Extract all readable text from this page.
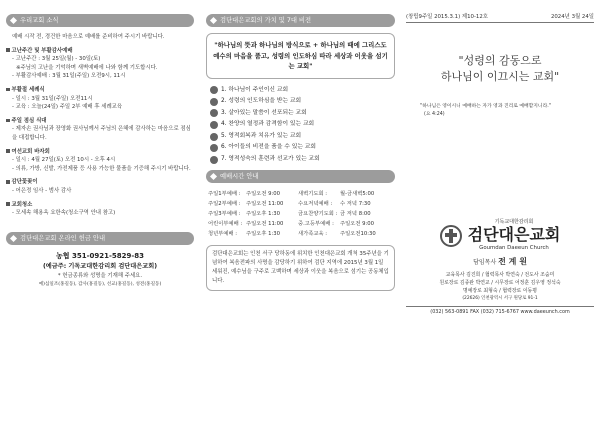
우리교회 소식
예배 시작 전, 경건한 마음으로 예배를 준비하여 주시기 바랍니다.
고난주간 및 부활감사예배
- 고난주간 : 3월 25일(월) - 30일(토)
※주님의 고난을 기억하며 새벽예배에 나와 함께 기도합시다.
- 부활감사예배 : 3월 31일(주일) 오전9시, 11시
부활절 세례식
- 일시 : 3월 31일(주일) 오전11시
- 교육 : 오늘(24일) 주일 2부 예배 후 세례교육
주일 점심 식대
- 제자손 권사님과 장영화 권사님께서 주님의 은혜에 감사하는 마음으로 점심을 대접합니다.
여선교회 바자회
- 일시 : 4월 27일(토) 오전 10시 - 오후 4시
- 의류, 가방, 신발, 가전제품 등 사용 가능한 물품을 기증해 주시기 바랍니다.
감단꽃꽂이
- 어은정 임사 - 범사 감사
교회청소
- 모세속 해용옥 요한속(청소구역 안내 참고)
검단대은교회 온라인 헌금 안내
농협 351-0921-5829-83
(예금주: 기독교대한감리회 검단대은교회)
* 헌금종류와 성명을 기재해 주세요.
예)십일조(홍길동), 감사(홍길동), 선교(홍길동), 성전(홍길동)
검단대은교회의 가치 및 7대 비전
"하나님의 뜻과 하나님의 방식으로 + 하나님의 때에 그리스도 예수의 마음을 품고, 성령의 인도하심 따라 세상과 이웃을 섬기는 교회"
1. 하나님이 주인이신 교회
2. 성령의 인도하심을 받는 교회
3. 살아있는 말씀이 선포되는 교회
4. 찬양의 열정과 감격함이 있는 교회
5. 영적회복과 치유가 있는 교회
6. 아이들의 비전을 품을 수 있는 교회
7. 영적성숙의 훈련과 선교가 있는 교회
예배시간 안내
주일1부예배 :	주일오전 9:00	새벽기도회 :	월-금새벽5:00
주일2부예배 :	주일오전 11:00	수요저녁예배 :	수 저녁 7:30
주일3부예배 :	주일오후 1:30	금요찬양기도회 : 금 저녁 8:00
어린이부예배 : 주일오전 11:00	중.고등부예배 :	주일오전 9:00
청년부예배 :	주일오후 1:30	새가족교육 :	주일오전10:30
검단대은교회는 인천 서구 당하동에 위치한 인천대은교회 개척 35주년을 기념하여 복음전파의 사명을 감당하기 위하여 검단 지역에 2015년 3월 1일 세워진, 예수님을 구주로 고백하며 세상과 이웃을 복음으로 섬기는 공동체입니다.
(창립9주일 2015.3.1) 제10-12호	2024년 3월 24일
"성령의 감동으로
하나님이 이끄시는 교회"
"하나님은 영이시니 예배하는 자가 영과 진리로 예배할지니라."
(요 4:24)
기독교대한감리회
검단대은교회
Goumdan Daeeun Church
담임목사 전 계 원
교육목사 김진희 / 협력목사 박연숙 / 전도사 조숨미
원로장로 김종완 박연교 / 시무장로 어정훈 김우영 정석숙
명예장로 최형숙 / 협력장로 이동평
(22626) 인천광역시 서구 원당로 91-1
(032) 563-0891 FAX (032) 715-6767 www.daeeunch.com
